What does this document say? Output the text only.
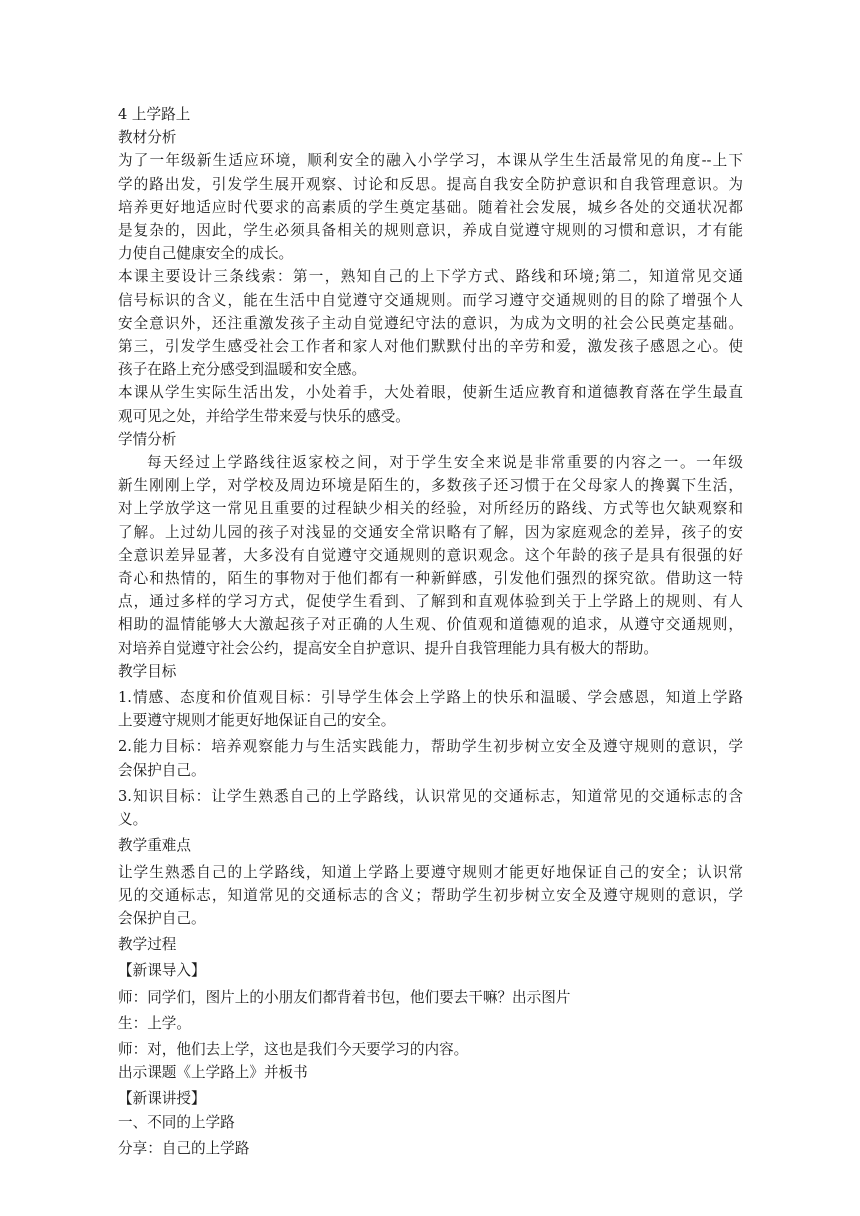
4 上学路上
教材分析
为了一年级新生适应环境，顺利安全的融入小学学习，本课从学生生活最常见的角度--上下
学的路出发，引发学生展开观察、讨论和反思。提高自我安全防护意识和自我管理意识。为
培养更好地适应时代要求的高素质的学生奠定基础。随着社会发展，城乡各处的交通状况都
是复杂的，因此，学生必须具备相关的规则意识，养成自觉遵守规则的习惯和意识，才有能
力使自己健康安全的成长。
本课主要设计三条线索：第一，熟知自己的上下学方式、路线和环境;第二，知道常见交通
信号标识的含义，能在生活中自觉遵守交通规则。而学习遵守交通规则的目的除了增强个人
安全意识外，还注重激发孩子主动自觉遵纪守法的意识，为成为文明的社会公民奠定基础。
第三，引发学生感受社会工作者和家人对他们默默付出的辛劳和爱，激发孩子感恩之心。使
孩子在路上充分感受到温暖和安全感。
本课从学生实际生活出发，小处着手，大处着眼，使新生适应教育和道德教育落在学生最直
观可见之处，并给学生带来爱与快乐的感受。
学情分析
每天经过上学路线往返家校之间，对于学生安全来说是非常重要的内容之一。一年级
新生刚刚上学，对学校及周边环境是陌生的，多数孩子还习惯于在父母家人的搀翼下生活，
对上学放学这一常见且重要的过程缺少相关的经验，对所经历的路线、方式等也欠缺观察和
了解。上过幼儿园的孩子对浅显的交通安全常识略有了解，因为家庭观念的差异，孩子的安
全意识差异显著，大多没有自觉遵守交通规则的意识观念。这个年龄的孩子是具有很强的好
奇心和热情的，陌生的事物对于他们都有一种新鲜感，引发他们强烈的探究欲。借助这一特
点，通过多样的学习方式，促使学生看到、了解到和直观体验到关于上学路上的规则、有人
相助的温情能够大大激起孩子对正确的人生观、价值观和道德观的追求，从遵守交通规则，
对培养自觉遵守社会公约，提高安全自护意识、提升自我管理能力具有极大的帮助。
教学目标
1.情感、态度和价值观目标：引导学生体会上学路上的快乐和温暖、学会感恩，知道上学路
上要遵守规则才能更好地保证自己的安全。
2.能力目标：培养观察能力与生活实践能力，帮助学生初步树立安全及遵守规则的意识，学
会保护自己。
3.知识目标：让学生熟悉自己的上学路线，认识常见的交通标志，知道常见的交通标志的含
义。
教学重难点
让学生熟悉自己的上学路线，知道上学路上要遵守规则才能更好地保证自己的安全；认识常
见的交通标志，知道常见的交通标志的含义；帮助学生初步树立安全及遵守规则的意识，学
会保护自己。
教学过程
【新课导入】
师：同学们，图片上的小朋友们都背着书包，他们要去干嘛？出示图片
生：上学。
师：对，他们去上学，这也是我们今天要学习的内容。
出示课题《上学路上》并板书
【新课讲授】
一、不同的上学路
分享：自己的上学路
